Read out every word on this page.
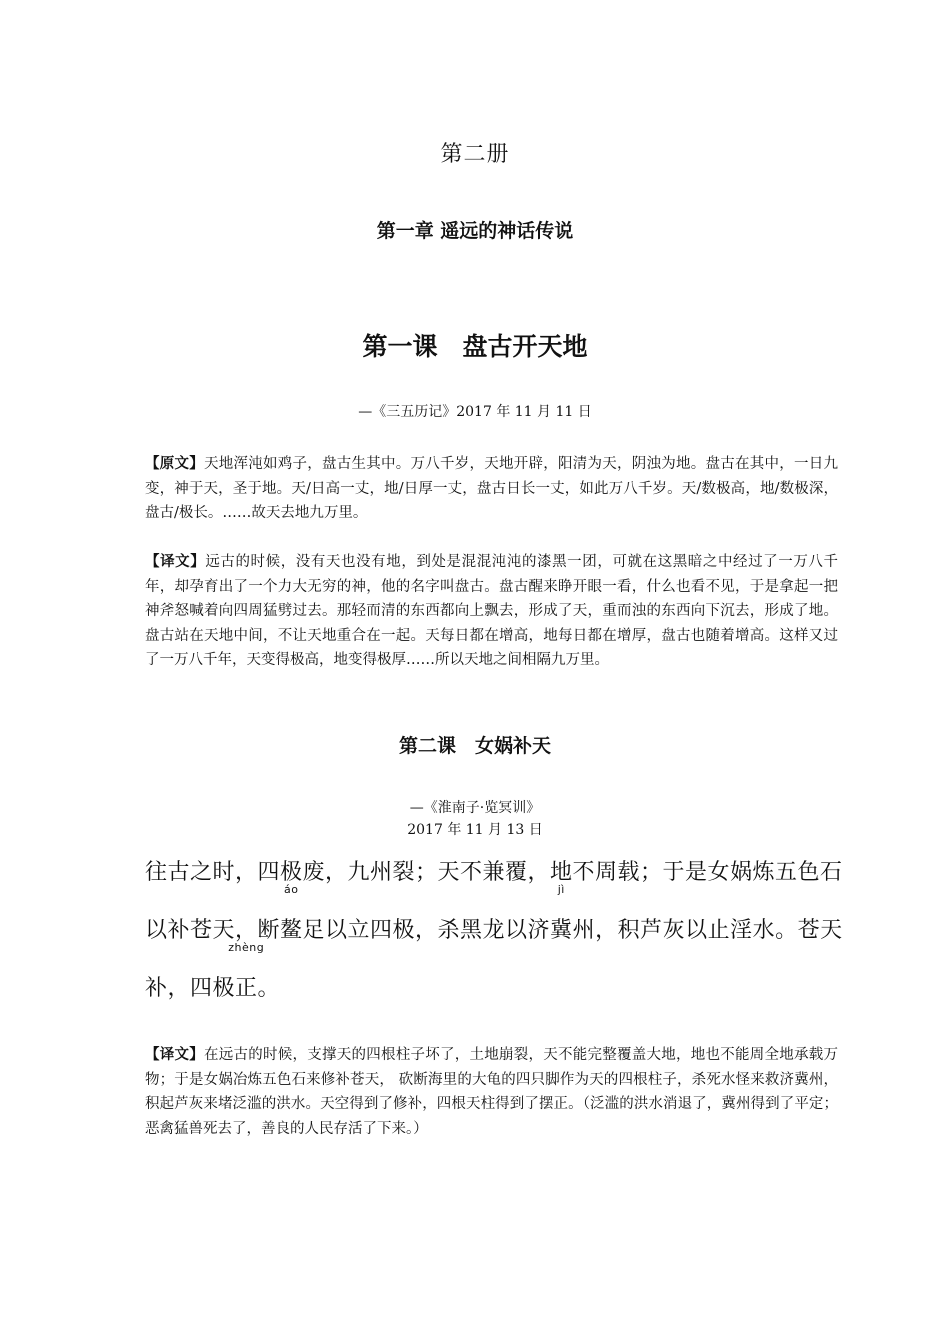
第二册
第一章 遥远的神话传说
第一课　盘古开天地
—《三五历记》2017 年 11 月 11 日
【原文】天地浑沌如鸡子，盘古生其中。万八千岁，天地开辟，阳清为天，阴浊为地。盘古在其中，一日九变，神于天，圣于地。天/日高一丈，地/日厚一丈，盘古日长一丈，如此万八千岁。天/数极高，地/数极深，盘古/极长。……故天去地九万里。
【译文】远古的时候，没有天也没有地，到处是混混沌沌的漆黑一团，可就在这黑暗之中经过了一万八千年，却孕育出了一个力大无穷的神，他的名字叫盘古。盘古醒来睁开眼一看，什么也看不见，于是拿起一把神斧怒喊着向四周猛劈过去。那轻而清的东西都向上飘去，形成了天，重而浊的东西向下沉去，形成了地。盘古站在天地中间，不让天地重合在一起。天每日都在增高，地每日都在增厚，盘古也随着增高。这样又过了一万八千年，天变得极高，地变得极厚……所以天地之间相隔九万里。
第二课　女娲补天
—《淮南子·览冥训》
2017 年 11 月 13 日
往古之时，四极废，九州裂；天不兼覆，地不周载；于是女娲炼五色石
以补苍天，断
áo
鳌足以立四极，杀黑龙以济
jì
冀州，积芦灰以止淫水。苍天
补，四极
zhèng
正。
【译文】在远古的时候，支撑天的四根柱子坏了，土地崩裂，天不能完整覆盖大地，地也不能周全地承载万物；于是女娲冶炼五色石来修补苍天， 砍断海里的大龟的四只脚作为天的四根柱子，杀死水怪来救济冀州，积起芦灰来堵泛滥的洪水。天空得到了修补，四根天柱得到了摆正。（泛滥的洪水消退了，冀州得到了平定；恶禽猛兽死去了，善良的人民存活了下来。）
